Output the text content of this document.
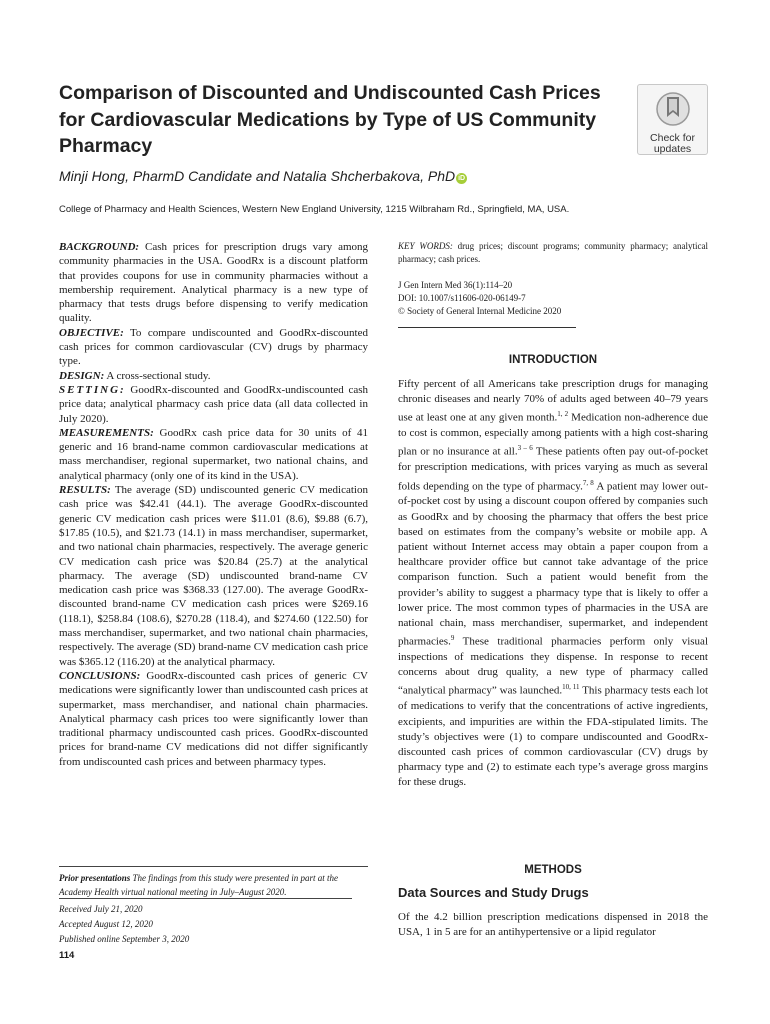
Comparison of Discounted and Undiscounted Cash Prices for Cardiovascular Medications by Type of US Community Pharmacy	Check for
updates
Minji Hong, PharmD Candidate and Natalia Shcherbakova, PhD iD
College of Pharmacy and Health Sciences, Western New England University, 1215 Wilbraham Rd., Springfield, MA, USA.

BACKGROUND: Cash prices for prescription drugs vary among community pharmacies in the USA. GoodRx is a discount platform that provides coupons for use in community pharmacies without a membership requirement. Analytical pharmacy is a new type of pharmacy that tests drugs before dispensing to verify medication quality.

OBJECTIVE: To compare undiscounted and GoodRx-discounted cash prices for common cardiovascular (CV) drugs by pharmacy type.

DESIGN: A cross-sectional study.

SETTING: GoodRx-discounted and GoodRx-undiscounted cash price data; analytical pharmacy cash price data (all data collected in July 2020).

MEASUREMENTS: GoodRx cash price data for 30 units of 41 generic and 16 brand-name common cardiovascular medications at mass merchandiser, regional supermarket, two national chains, and analytical pharmacy (only one of its kind in the USA).

RESULTS: The average (SD) undiscounted generic CV medication cash price was $42.41 (44.1). The average GoodRx-discounted generic CV medication cash prices were $11.01 (8.6), $9.88 (6.7), $17.85 (10.5), and $21.73 (14.1) in mass merchandiser, supermarket, and two national chain pharmacies, respectively. The average generic CV medication cash price was $20.84 (25.7) at the analytical pharmacy. The average (SD) undiscounted brand-name CV medication cash price was $368.33 (127.00). The average GoodRx-discounted brand-name CV medication cash prices were $269.16 (118.1), $258.84 (108.6), $270.28 (118.4), and $274.60 (122.50) for mass merchandiser, supermarket, and two national chain pharmacies, respectively. The average (SD) brand-name CV medication cash price was $365.12 (116.20) at the analytical pharmacy.

CONCLUSIONS: GoodRx-discounted cash prices of generic CV medications were significantly lower than undiscounted cash prices at supermarket, mass merchandiser, and national chain pharmacies. Analytical pharmacy cash prices too were significantly lower than traditional pharmacy undiscounted cash prices. GoodRx-discounted prices for brand-name CV medications did not differ significantly from undiscounted cash prices and between pharmacy types.

KEY WORDS: drug prices; discount programs; community pharmacy; analytical pharmacy; cash prices.
J Gen Intern Med 36(1):114–20
DOI: 10.1007/s11606-020-06149-7
© Society of General Internal Medicine 2020
INTRODUCTION

Fifty percent of all Americans take prescription drugs for managing chronic diseases and nearly 70% of adults aged between 40–79 years use at least one at any given month.$^{1, 2}$ Medication non-adherence due to cost is common, especially among patients with a high cost-sharing plan or no insurance at all.$^{3 - 6}$ These patients often pay out-of-pocket for prescription medications, with prices varying as much as several folds depending on the type of pharmacy.$^{7, 8}$ A patient may lower out-of-pocket cost by using a discount coupon offered by companies such as GoodRx and by choosing the pharmacy that offers the best price based on estimates from the company’s website or mobile app. A patient without Internet access may obtain a paper coupon from a healthcare provider office but cannot take advantage of the price comparison function. Such a patient would benefit from the provider’s ability to suggest a pharmacy type that is likely to offer a lower price. The most common types of pharmacies in the USA are national chain, mass merchandiser, supermarket, and independent pharmacies.$^9$ These traditional pharmacies perform only visual inspections of medications they dispense. In response to recent concerns about drug quality, a new type of pharmacy called “analytical pharmacy” was launched.$^{10, 11}$ This pharmacy tests each lot of medications to verify that the concentrations of active ingredients, excipients, and impurities are within the FDA-stipulated limits. The study’s objectives were (1) to compare undiscounted and GoodRx-discounted cash prices of common cardiovascular (CV) drugs by pharmacy type and (2) to estimate each type’s average gross margins for these drugs.

METHODS
Data Sources and Study Drugs

Of the 4.2 billion prescription medications dispensed in 2018 the USA, 1 in 5 are for an antihypertensive or a lipid regulator

Prior presentations The findings from this study were presented in part at the Academy Health virtual national meeting in July–August 2020.
Received July 21, 2020
Accepted August 12, 2020
Published online September 3, 2020
114
